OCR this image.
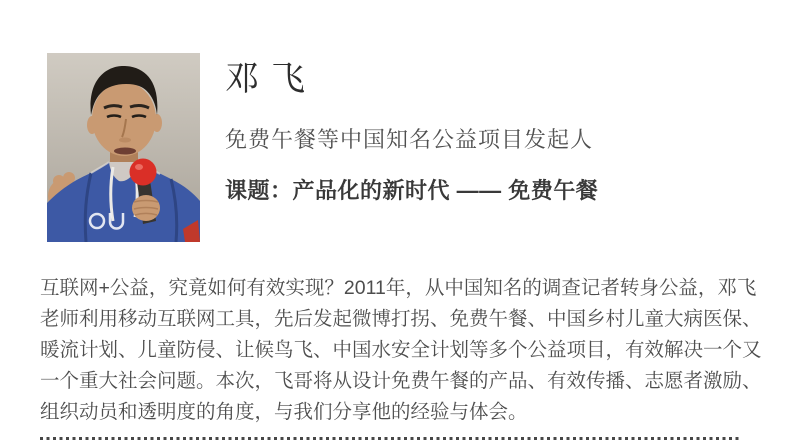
邓飞
免费午餐等中国知名公益项目发起人
课题：产品化的新时代 —— 免费午餐
互联网+公益，究竟如何有效实现？2011年，从中国知名的调查记者转身公益，邓飞
老师利用移动互联网工具，先后发起微博打拐、免费午餐、中国乡村儿童大病医保、
暖流计划、儿童防侵、让候鸟飞、中国水安全计划等多个公益项目，有效解决一个又
一个重大社会问题。本次，飞哥将从设计免费午餐的产品、有效传播、志愿者激励、
组织动员和透明度的角度，与我们分享他的经验与体会。
